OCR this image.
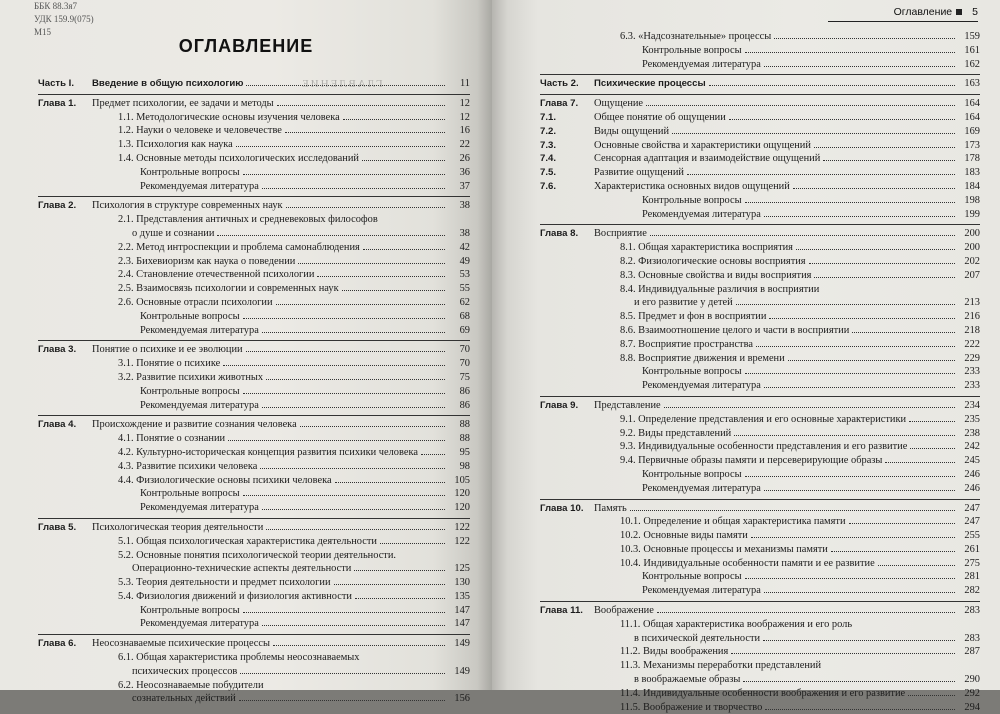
ГЛАВЛЕНИЕ
ББК 88.3я7
УДК 159.9(075)
М15
ОГЛАВЛЕНИЕ
Часть I.	Введение в общую психологию	11
Глава 1.	Предмет психологии, ее задачи и методы	12
1.1. Методологические основы изучения человека	12
1.2. Науки о человеке и человечестве	16
1.3. Психология как наука	22
1.4. Основные методы психологических исследований	26
Контрольные вопросы	36
Рекомендуемая литература	37
Глава 2.	Психология в структуре современных наук	38
2.1. Представления античных и средневековых философов
о душе и сознании	38
2.2. Метод интроспекции и проблема самонаблюдения	42
2.3. Бихевиоризм как наука о поведении	49
2.4. Становление отечественной психологии	53
2.5. Взаимосвязь психологии и современных наук	55
2.6. Основные отрасли психологии	62
Контрольные вопросы	68
Рекомендуемая литература	69
Глава 3.	Понятие о психике и ее эволюции	70
3.1. Понятие о психике	70
3.2. Развитие психики животных	75
Контрольные вопросы	86
Рекомендуемая литература	86
Глава 4.	Происхождение и развитие сознания человека	88
4.1. Понятие о сознании	88
4.2. Культурно-историческая концепция развития психики человека	95
4.3. Развитие психики человека	98
4.4. Физиологические основы психики человека	105
Контрольные вопросы	120
Рекомендуемая литература	120
Глава 5.	Психологическая теория деятельности	122
5.1. Общая психологическая характеристика деятельности	122
5.2. Основные понятия психологической теории деятельности.
Операционно-технические аспекты деятельности	125
5.3. Теория деятельности и предмет психологии	130
5.4. Физиология движений и физиология активности	135
Контрольные вопросы	147
Рекомендуемая литература	147
Глава 6.	Неосознаваемые психические процессы	149
6.1. Общая характеристика проблемы неосознаваемых
психических процессов	149
6.2. Неосознаваемые побудители
сознательных действий	156
Оглавление 5
6.3. «Надсознательные» процессы	159
Контрольные вопросы	161
Рекомендуемая литература	162
Часть 2.	Психические процессы	163
Глава 7.	Ощущение	164
7.1.	Общее понятие об ощущении	164
7.2.	Виды ощущений	169
7.3.	Основные свойства и характеристики ощущений	173
7.4.	Сенсорная адаптация и взаимодействие ощущений	178
7.5.	Развитие ощущений	183
7.6.	Характеристика основных видов ощущений	184
Контрольные вопросы	198
Рекомендуемая литература	199
Глава 8.	Восприятие	200
8.1. Общая характеристика восприятия	200
8.2. Физиологические основы восприятия	202
8.3. Основные свойства и виды восприятия	207
8.4. Индивидуальные различия в восприятии
и его развитие у детей	213
8.5. Предмет и фон в восприятии	216
8.6. Взаимоотношение целого и части в восприятии	218
8.7. Восприятие пространства	222
8.8. Восприятие движения и времени	229
Контрольные вопросы	233
Рекомендуемая литература	233
Глава 9.	Представление	234
9.1. Определение представления и его основные характеристики	235
9.2. Виды представлений	238
9.3. Индивидуальные особенности представления и его развитие	242
9.4. Первичные образы памяти и персеверирующие образы	245
Контрольные вопросы	246
Рекомендуемая литература	246
Глава 10.	Память	247
10.1. Определение и общая характеристика памяти	247
10.2. Основные виды памяти	255
10.3. Основные процессы и механизмы памяти	261
10.4. Индивидуальные особенности памяти и ее развитие	275
Контрольные вопросы	281
Рекомендуемая литература	282
Глава 11.	Воображение	283
11.1. Общая характеристика воображения и его роль
в психической деятельности	283
11.2. Виды воображения	287
11.3. Механизмы переработки представлений
в воображаемые образы	290
11.4. Индивидуальные особенности воображения и его развитие	292
11.5. Воображение и творчество	294
